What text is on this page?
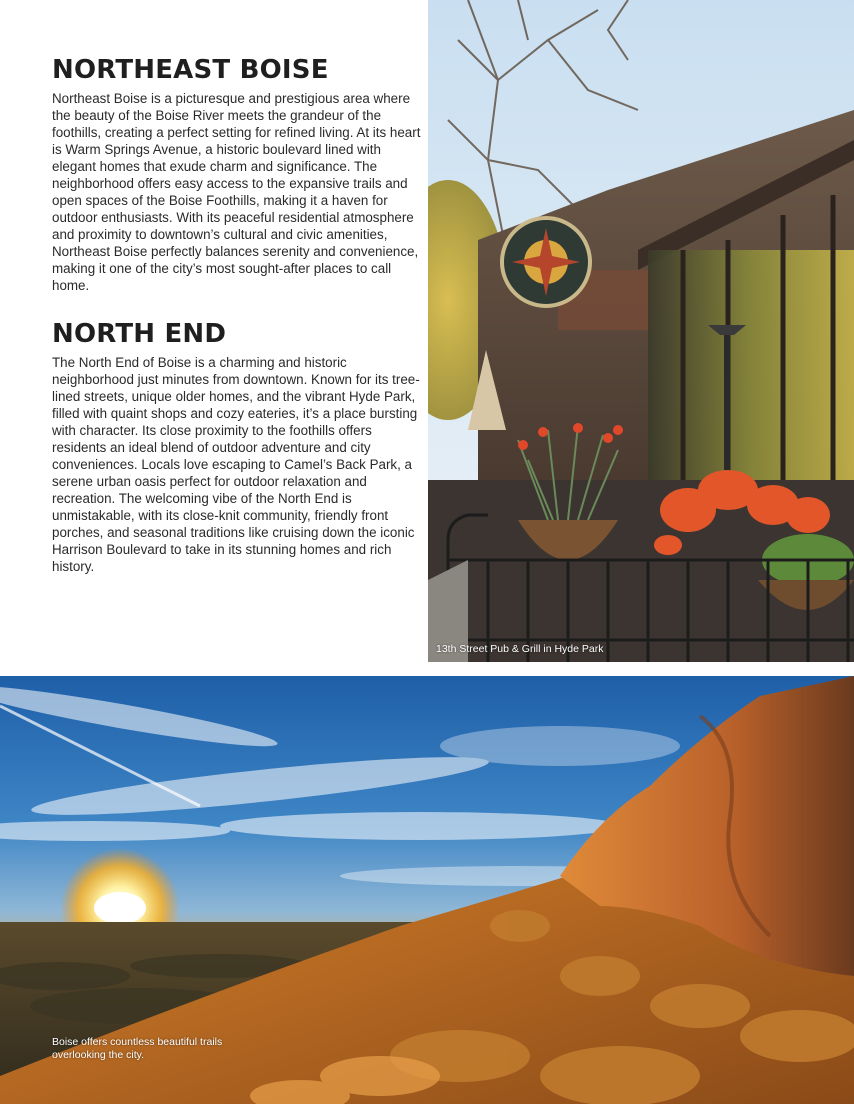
NORTHEAST BOISE

Northeast Boise is a picturesque and prestigious area where the beauty of the Boise River meets the grandeur of the foothills, creating a perfect setting for refined living. At its heart is Warm Springs Avenue, a historic boulevard lined with elegant homes that exude charm and significance. The neighborhood offers easy access to the expansive trails and open spaces of the Boise Foothills, making it a haven for outdoor enthusiasts. With its peaceful residential atmosphere and proximity to downtown’s cultural and civic amenities, Northeast Boise perfectly balances serenity and convenience, making it one of the city’s most sought-after places to call home.

NORTH END

The North End of Boise is a charming and historic neighborhood just minutes from downtown. Known for its tree-lined streets, unique older homes, and the vibrant Hyde Park, filled with quaint shops and cozy eateries, it’s a place bursting with character. Its close proximity to the foothills offers residents an ideal blend of outdoor adventure and city conveniences. Locals love escaping to Camel’s Back Park, a serene urban oasis perfect for outdoor relaxation and recreation. The welcoming vibe of the North End is unmistakable, with its close-knit community, friendly front porches, and seasonal traditions like cruising down the iconic Harrison Boulevard to take in its stunning homes and rich history.

13th Street Pub & Grill in Hyde Park
Boise offers countless beautiful trails overlooking the city.
